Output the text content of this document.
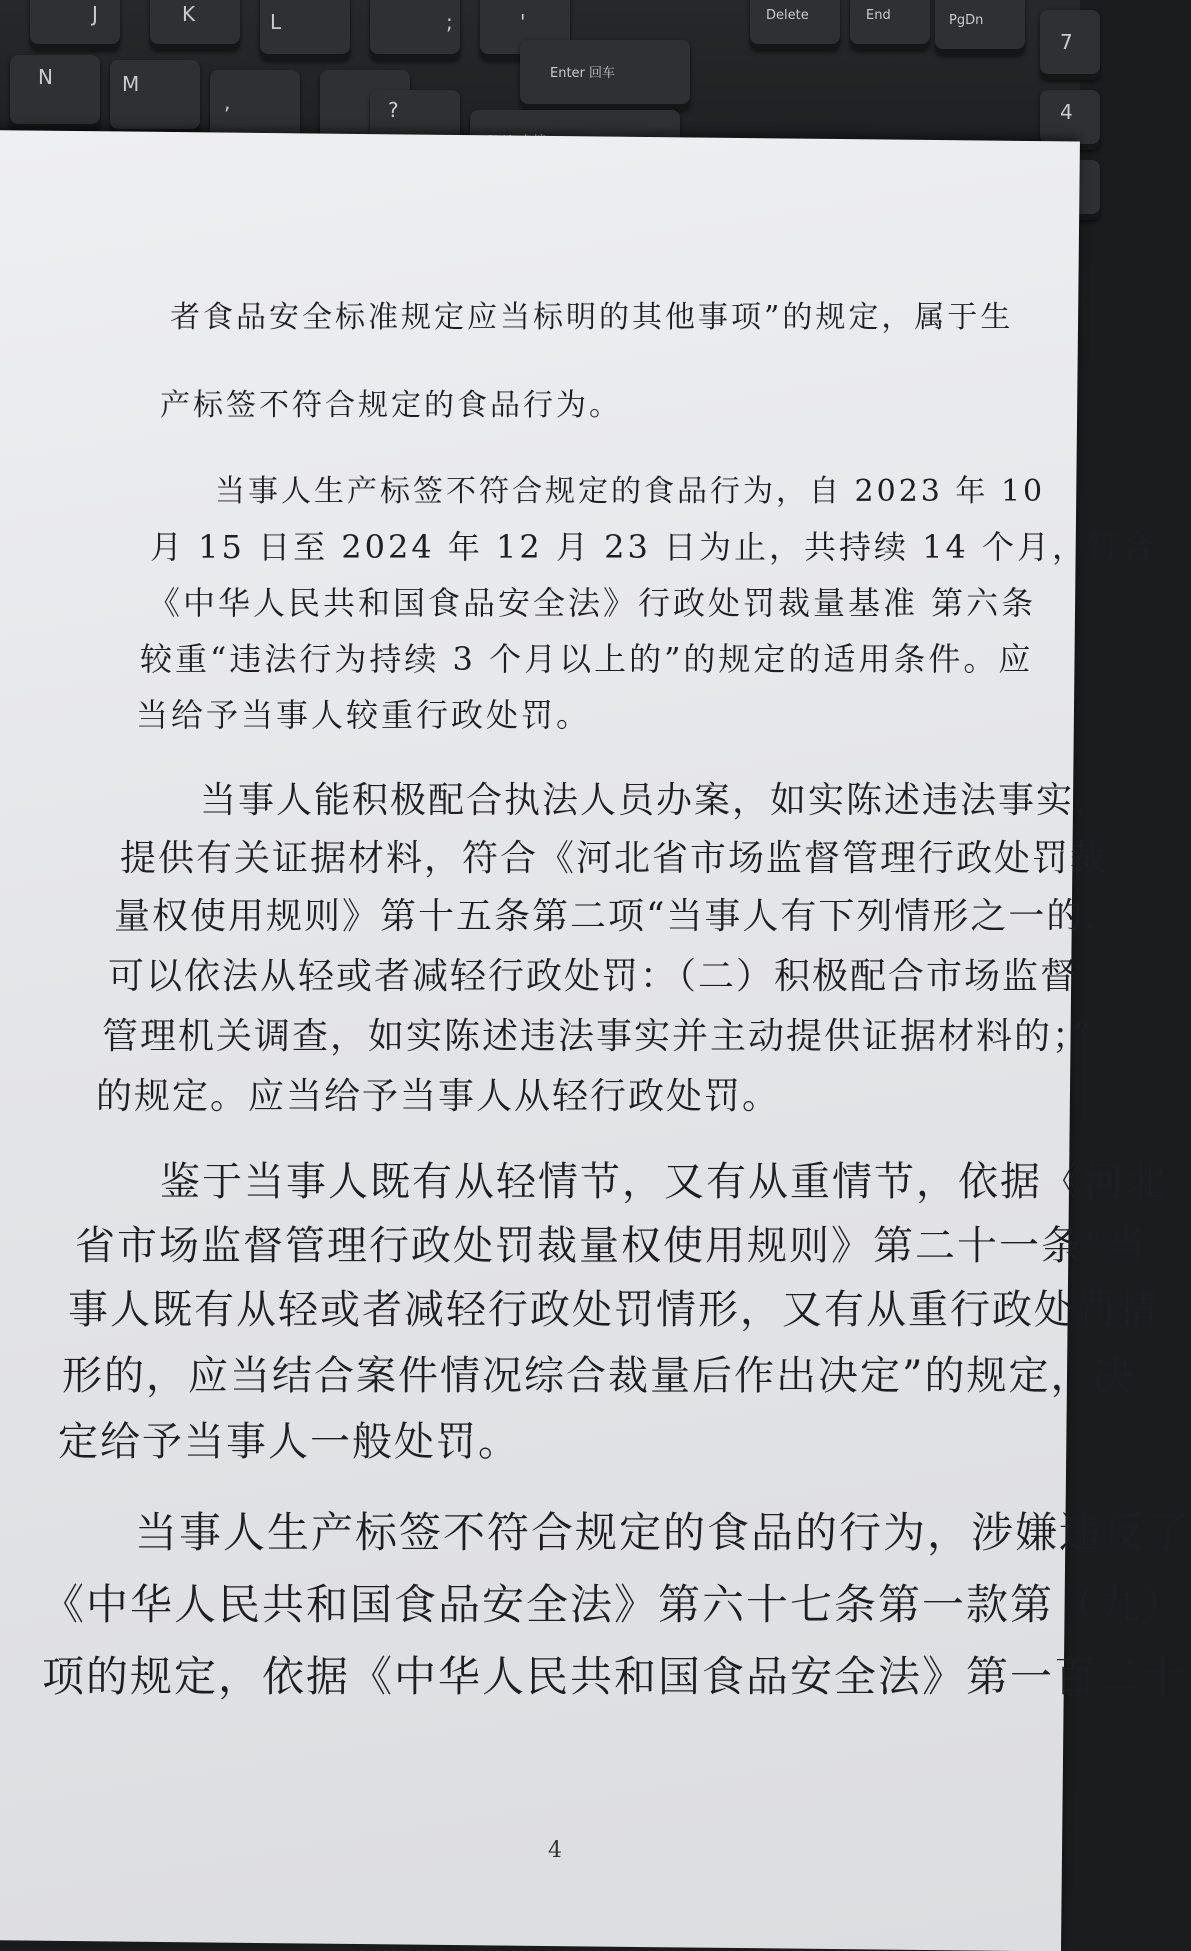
J	K	L	;	'
N	M
,
Enter 回车
?
Delete	End	PgDn
7
4
者食品安全标准规定应当标明的其他事项”的规定，属于生
产标签不符合规定的食品行为。
当事人生产标签不符合规定的食品行为，自 2023 年 10
月 15 日至 2024 年 12 月 23 日为止，共持续 14 个月，符合
《中华人民共和国食品安全法》行政处罚裁量基准 第六条
较重“违法行为持续 3 个月以上的”的规定的适用条件。应
当给予当事人较重行政处罚。
当事人能积极配合执法人员办案，如实陈述违法事实，
提供有关证据材料，符合《河北省市场监督管理行政处罚裁
量权使用规则》第十五条第二项“当事人有下列情形之一的，
可以依法从轻或者减轻行政处罚：（二）积极配合市场监督
管理机关调查，如实陈述违法事实并主动提供证据材料的；”
的规定。应当给予当事人从轻行政处罚。
鉴于当事人既有从轻情节，又有从重情节，依据《河北
省市场监督管理行政处罚裁量权使用规则》第二十一条“当
事人既有从轻或者减轻行政处罚情形，又有从重行政处罚情
形的，应当结合案件情况综合裁量后作出决定”的规定，决
定给予当事人一般处罚。
当事人生产标签不符合规定的食品的行为，涉嫌违反了
《中华人民共和国食品安全法》第六十七条第一款第（九）
项的规定，依据《中华人民共和国食品安全法》第一百二十
4
